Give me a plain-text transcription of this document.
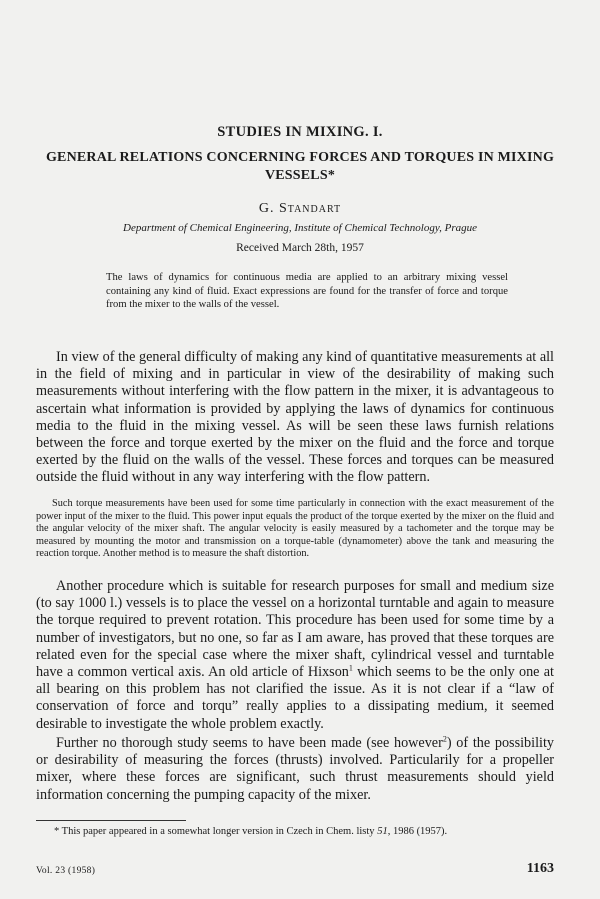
STUDIES IN MIXING. I.
GENERAL RELATIONS CONCERNING FORCES AND TORQUES IN MIXING VESSELS*
G. Standart
Department of Chemical Engineering, Institute of Chemical Technology, Prague
Received March 28th, 1957
The laws of dynamics for continuous media are applied to an arbitrary mixing vessel containing any kind of fluid. Exact expressions are found for the transfer of force and torque from the mixer to the walls of the vessel.

In view of the general difficulty of making any kind of quantitative measurements at all in the field of mixing and in particular in view of the desirability of making such measurements without interfering with the flow pattern in the mixer, it is advantageous to ascertain what information is provided by applying the laws of dynamics for continuous media to the fluid in the mixing vessel. As will be seen these laws furnish relations between the force and torque exerted by the mixer on the fluid and the force and torque exerted by the fluid on the walls of the vessel. These forces and torques can be measured outside the fluid without in any way interfering with the flow pattern.

Such torque measurements have been used for some time particularly in connection with the exact measurement of the power input of the mixer to the fluid. This power input equals the product of the torque exerted by the mixer on the fluid and the angular velocity of the mixer shaft. The angular velocity is easily measured by a tachometer and the torque may be measured by mounting the motor and transmission on a torque-table (dynamometer) above the tank and measuring the reaction torque. Another method is to measure the shaft distortion.

Another procedure which is suitable for research purposes for small and medium size (to say 1000 l.) vessels is to place the vessel on a horizontal turntable and again to measure the torque required to prevent rotation. This procedure has been used for some time by a number of investigators, but no one, so far as I am aware, has proved that these torques are related even for the special case where the mixer shaft, cylindrical vessel and turntable have a common vertical axis. An old article of Hixson$^1$ which seems to be the only one at all bearing on this problem has not clarified the issue. As it is not clear if a “law of conservation of force and torqu” really applies to a dissipating medium, it seemed desirable to investigate the whole problem exactly.

Further no thorough study seems to have been made (see however$^2$) of the possibility or desirability of measuring the forces (thrusts) involved. Particularily for a propeller mixer, where these forces are significant, such thrust measurements should yield information concerning the pumping capacity of the mixer.

* This paper appeared in a somewhat longer version in Czech in Chem. listy 51, 1986 (1957).
Vol. 23 (1958)	1163
